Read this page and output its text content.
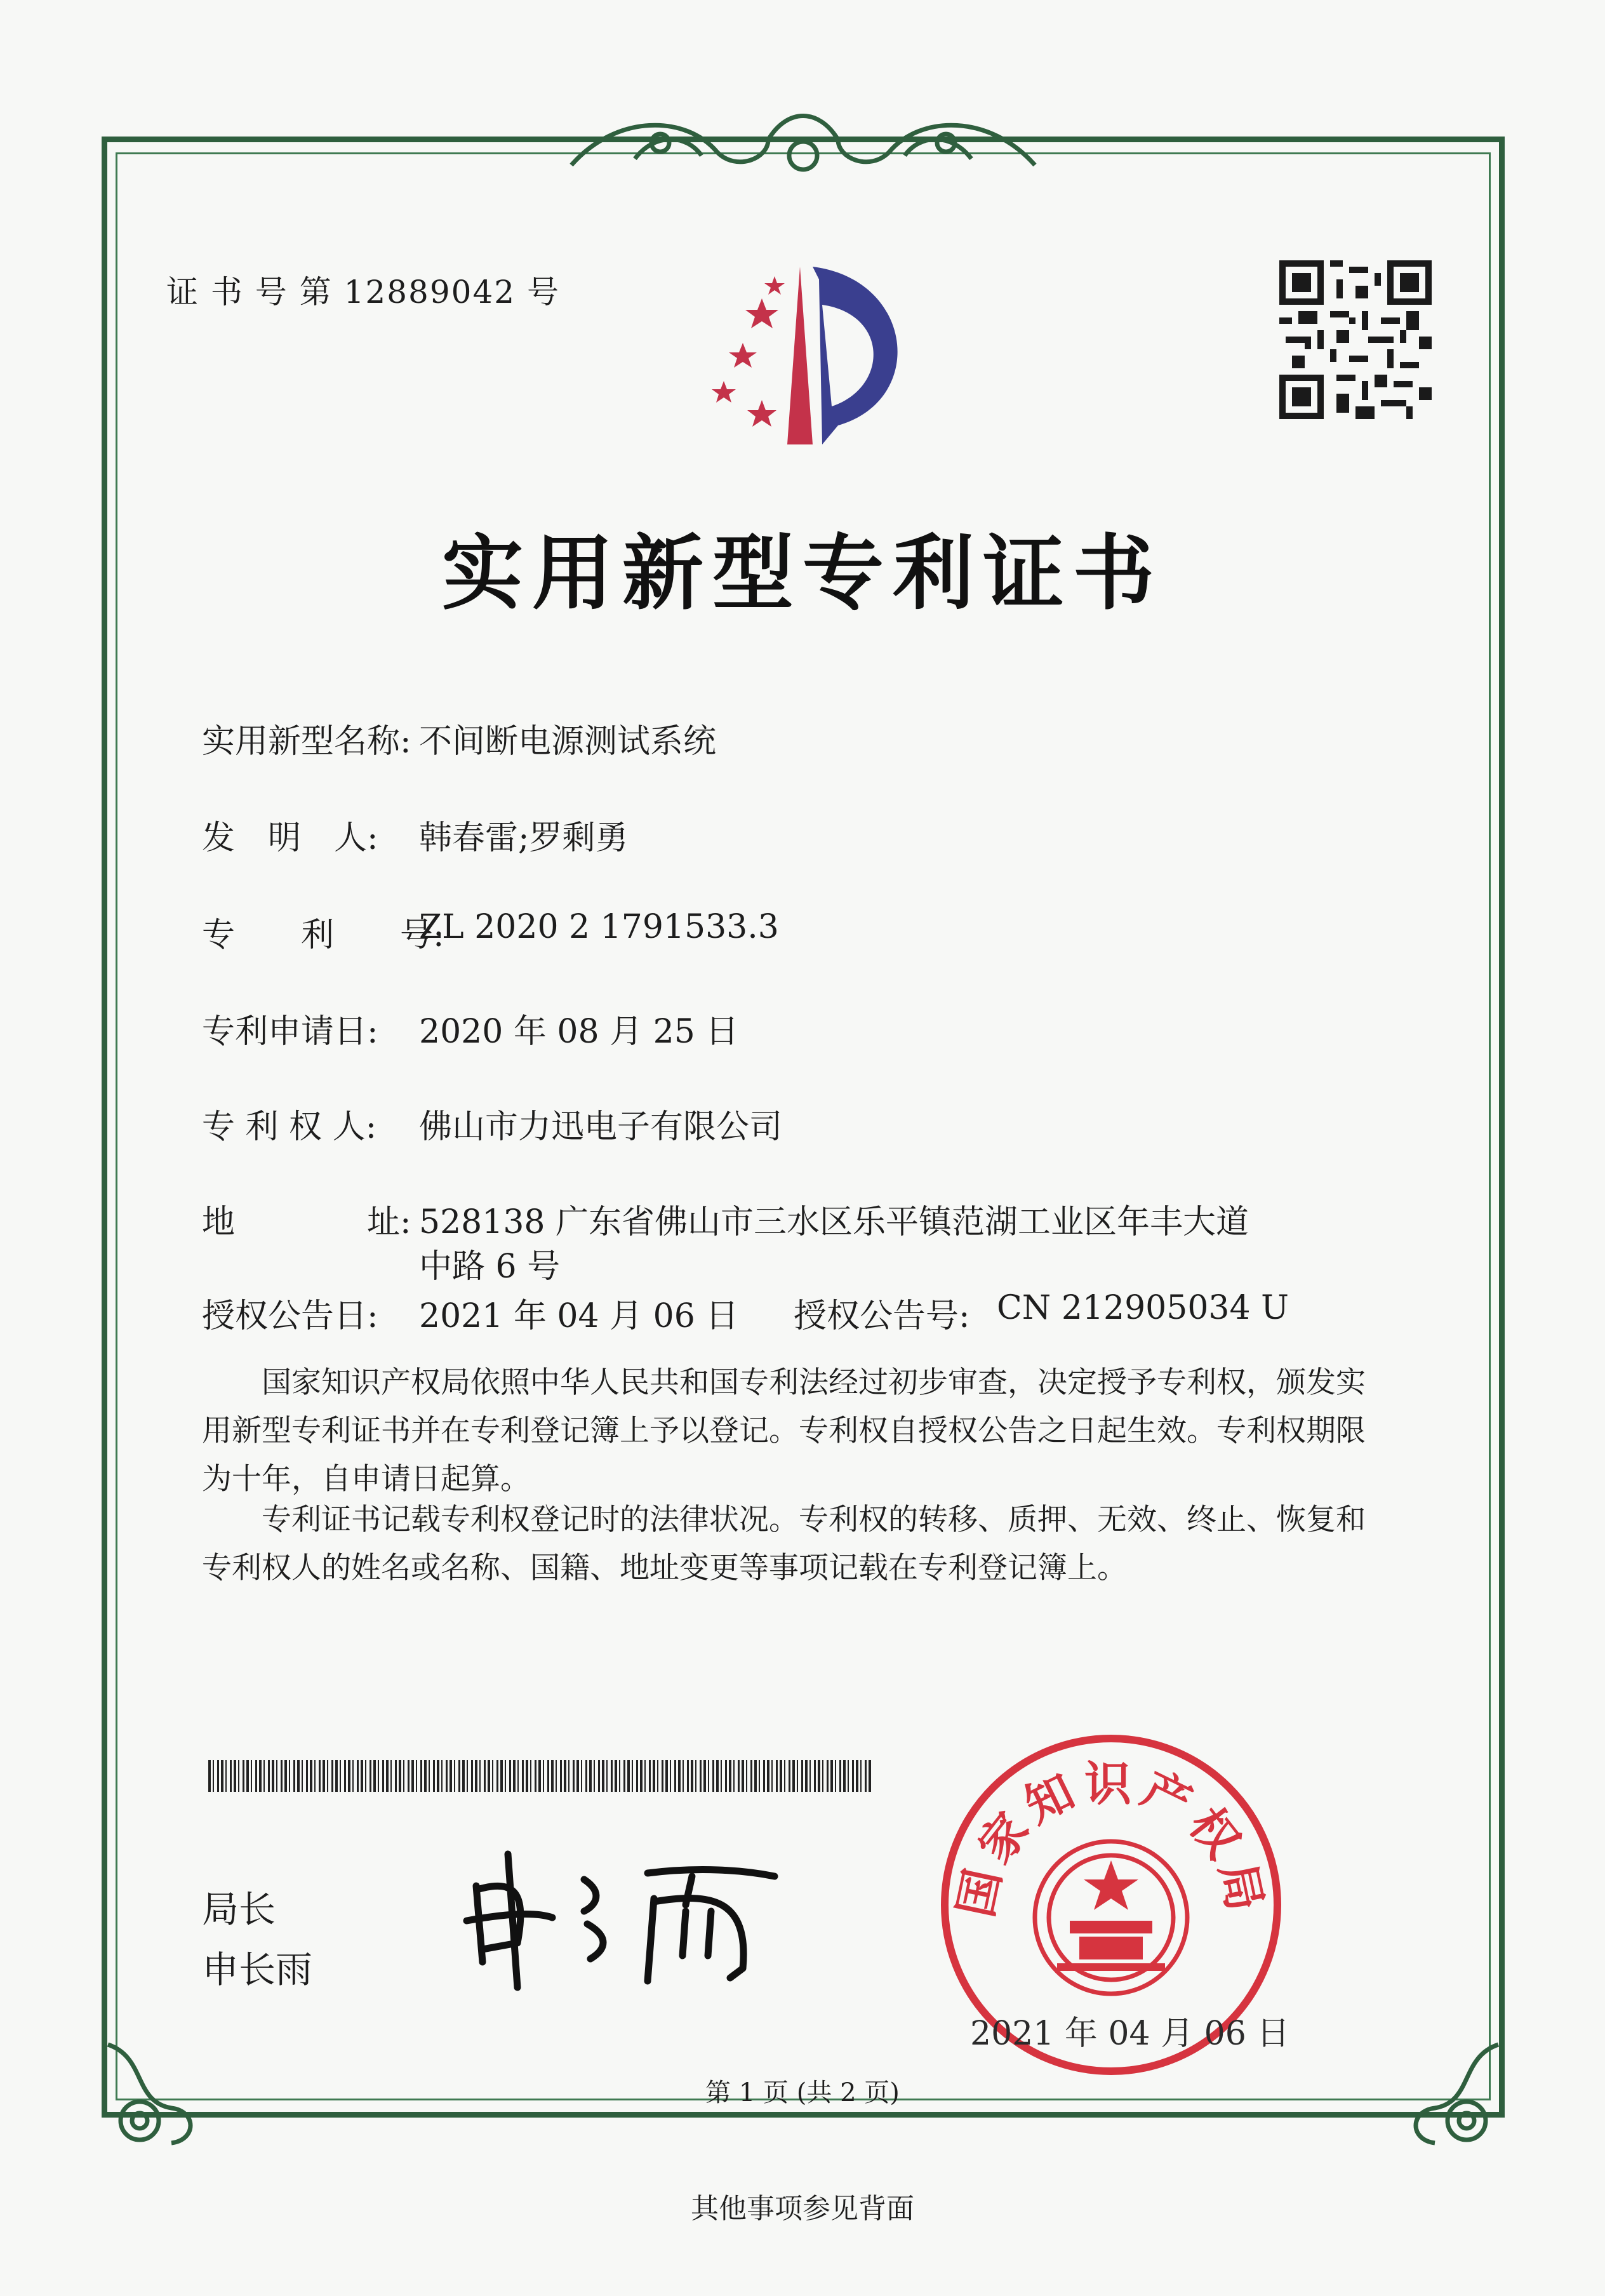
证 书 号 第 12889042 号
实用新型专利证书
实用新型名称: 不间断电源测试系统
发　明　人: 韩春雷;罗剩勇
专　　利　　号:
ZL 2020 2 1791533.3
专利申请日: 2020 年 08 月 25 日
专 利 权 人: 佛山市力迅电子有限公司
地　　　　址: 528138 广东省佛山市三水区乐平镇范湖工业区年丰大道
中路 6 号
授权公告日: 2021 年 04 月 06 日 授权公告号: CN 212905034 U
国家知识产权局依照中华人民共和国专利法经过初步审查，决定授予专利权，颁发实用新型专利证书并在专利登记簿上予以登记。专利权自授权公告之日起生效。专利权期限为十年，自申请日起算。
专利证书记载专利权登记时的法律状况。专利权的转移、质押、无效、终止、恢复和专利权人的姓名或名称、国籍、地址变更等事项记载在专利登记簿上。
局长
申长雨
国家知识产权局
2021 年 04 月 06 日
第 1 页 (共 2 页)
其他事项参见背面
